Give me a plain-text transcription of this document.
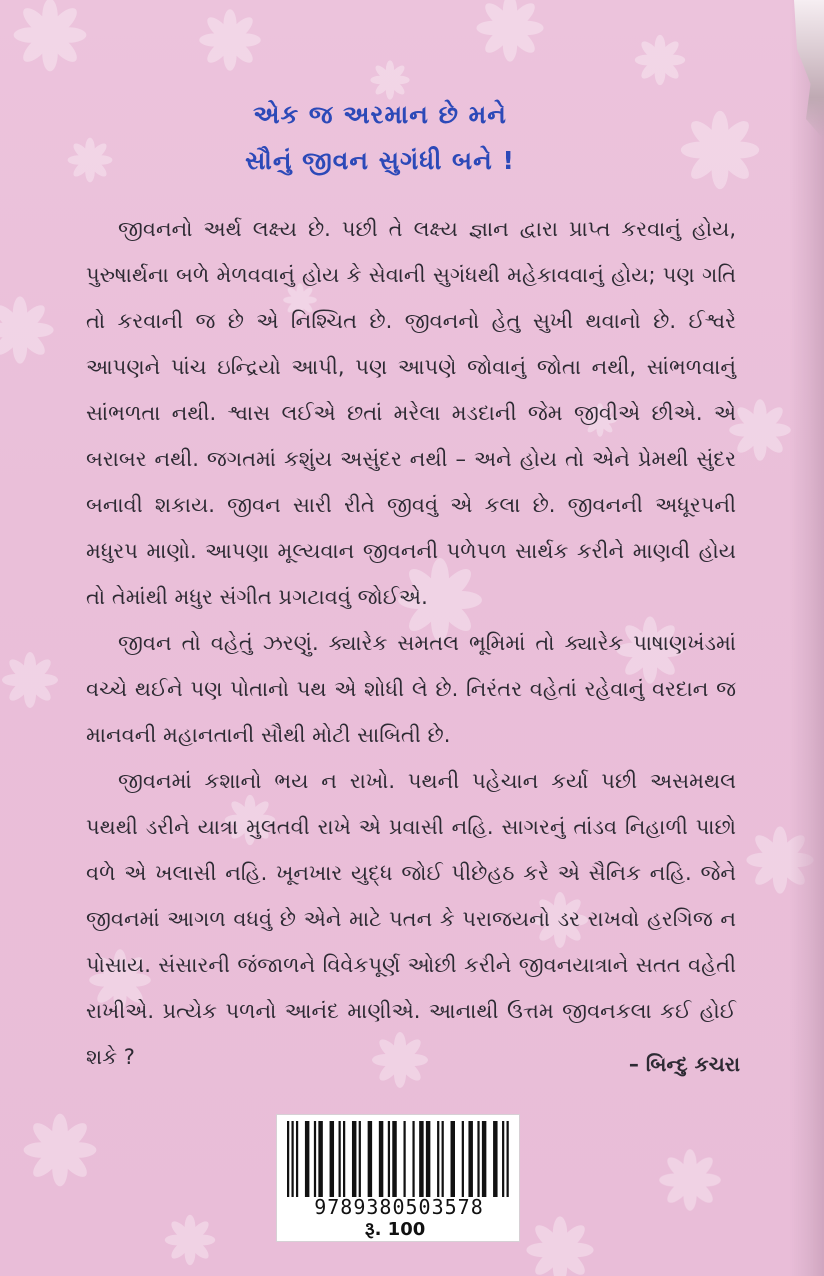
એક જ અરમાન છે મને
સૌનું જીવન સુગંધી બને !

જીવનનો અર્થ લક્ષ્ય છે. પછી તે લક્ષ્ય જ્ઞાન દ્વારા પ્રાપ્ત કરવાનું હોય, પુરુષાર્થના બળે મેળવવાનું હોય કે સેવાની સુગંધથી મહેકાવવાનું હોય; પણ ગતિ તો કરવાની જ છે એ નિશ્ચિત છે. જીવનનો હેતુ સુખી થવાનો છે. ઈશ્વરે આપણને પાંચ ઇન્દ્રિયો આપી, પણ આપણે જોવાનું જોતા નથી, સાંભળવાનું સાંભળતા નથી. શ્વાસ લઈએ છતાં મરેલા મડદાની જેમ જીવીએ છીએ. એ બરાબર નથી. જગતમાં કશુંય અસુંદર નથી – અને હોય તો એને પ્રેમથી સુંદર બનાવી શકાય. જીવન સારી રીતે જીવવું એ કલા છે. જીવનની અધૂરપની મધુરપ માણો. આપણા મૂલ્યવાન જીવનની પળેપળ સાર્થક કરીને માણવી હોય તો તેમાંથી મધુર સંગીત પ્રગટાવવું જોઈએ.

જીવન તો વહેતું ઝરણું. ક્યારેક સમતલ ભૂમિમાં તો ક્યારેક પાષાણખંડમાં વચ્ચે થઈને પણ પોતાનો પથ એ શોધી લે છે. નિરંતર વહેતાં રહેવાનું વરદાન જ માનવની મહાનતાની સૌથી મોટી સાબિતી છે.

જીવનમાં કશાનો ભય ન રાખો. પથની પહેચાન કર્યા પછી અસમથલ પથથી ડરીને યાત્રા મુલતવી રાખે એ પ્રવાસી નહિ. સાગરનું તાંડવ નિહાળી પાછો વળે એ ખલાસી નહિ. ખૂનખાર યુદ્ધ જોઈ પીછેહઠ કરે એ સૈનિક નહિ. જેને જીવનમાં આગળ વધવું છે એને માટે પતન કે પરાજયનો ડર રાખવો હરગિજ ન પોસાય. સંસારની જંજાળને વિવેકપૂર્ણ ઓછી કરીને જીવનયાત્રાને સતત વહેતી રાખીએ. પ્રત્યેક પળનો આનંદ માણીએ. આનાથી ઉત્તમ જીવનકલા કઈ હોઈ શકે ?	– બિન્દુ કચરા
9789380503578
રૂ. 100
